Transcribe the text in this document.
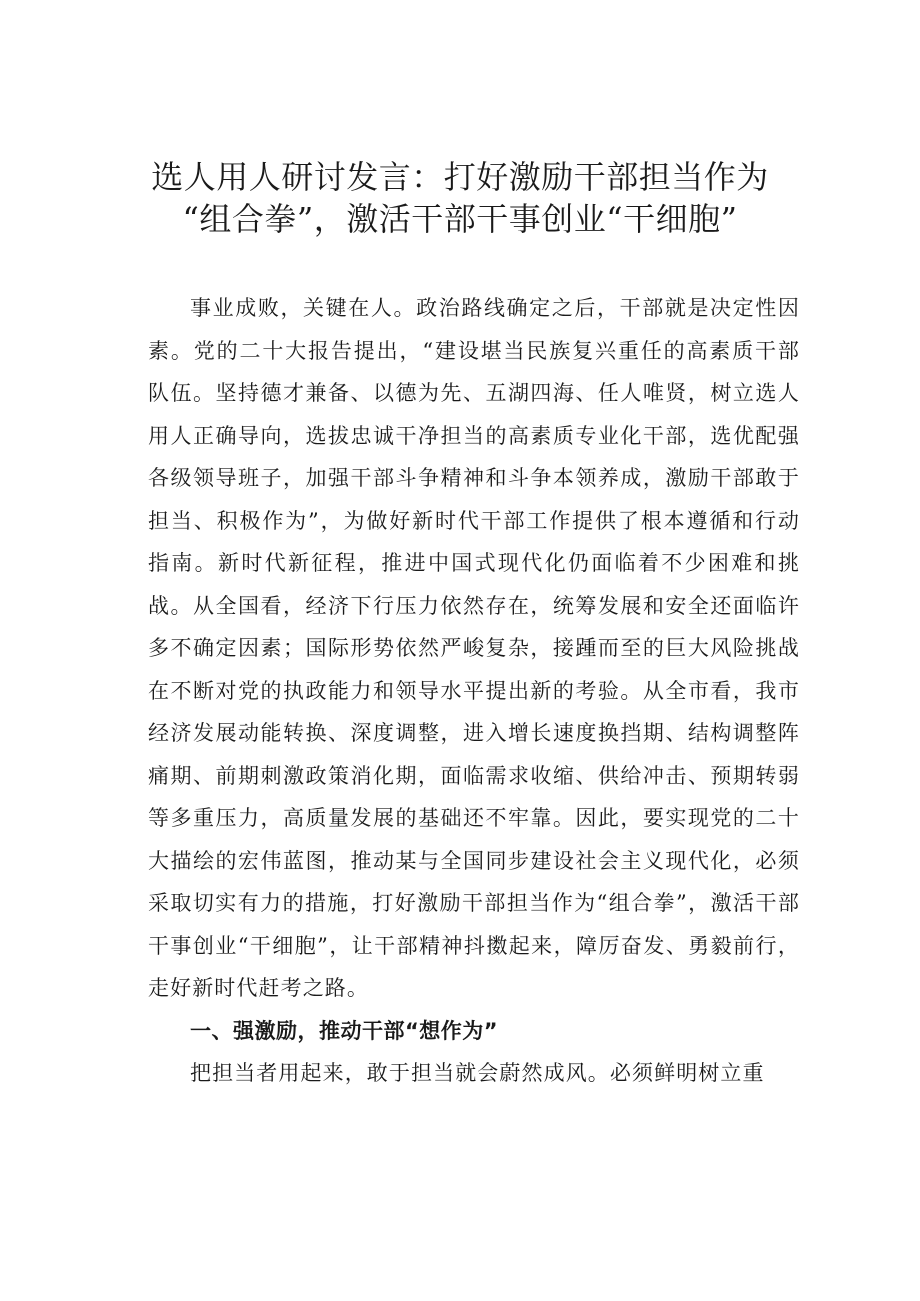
选人用人研讨发言：打好激励干部担当作为
“组合拳”，激活干部干事创业“干细胞”

事业成败，关键在人。政治路线确定之后，干部就是决定性因素。党的二十大报告提出，“建设堪当民族复兴重任的高素质干部队伍。坚持德才兼备、以德为先、五湖四海、任人唯贤，树立选人用人正确导向，选拔忠诚干净担当的高素质专业化干部，选优配强各级领导班子，加强干部斗争精神和斗争本领养成，激励干部敢于担当、积极作为”，为做好新时代干部工作提供了根本遵循和行动指南。新时代新征程，推进中国式现代化仍面临着不少困难和挑战。从全国看，经济下行压力依然存在，统筹发展和安全还面临许多不确定因素；国际形势依然严峻复杂，接踵而至的巨大风险挑战在不断对党的执政能力和领导水平提出新的考验。从全市看，我市经济发展动能转换、深度调整，进入增长速度换挡期、结构调整阵痛期、前期刺激政策消化期，面临需求收缩、供给冲击、预期转弱等多重压力，高质量发展的基础还不牢靠。因此，要实现党的二十大描绘的宏伟蓝图，推动某与全国同步建设社会主义现代化，必须采取切实有力的措施，打好激励干部担当作为“组合拳”，激活干部干事创业“干细胞”，让干部精神抖擞起来，障厉奋发、勇毅前行，走好新时代赶考之路。

一、强激励，推动干部“想作为”

把担当者用起来，敢于担当就会蔚然成风。必须鲜明树立重
